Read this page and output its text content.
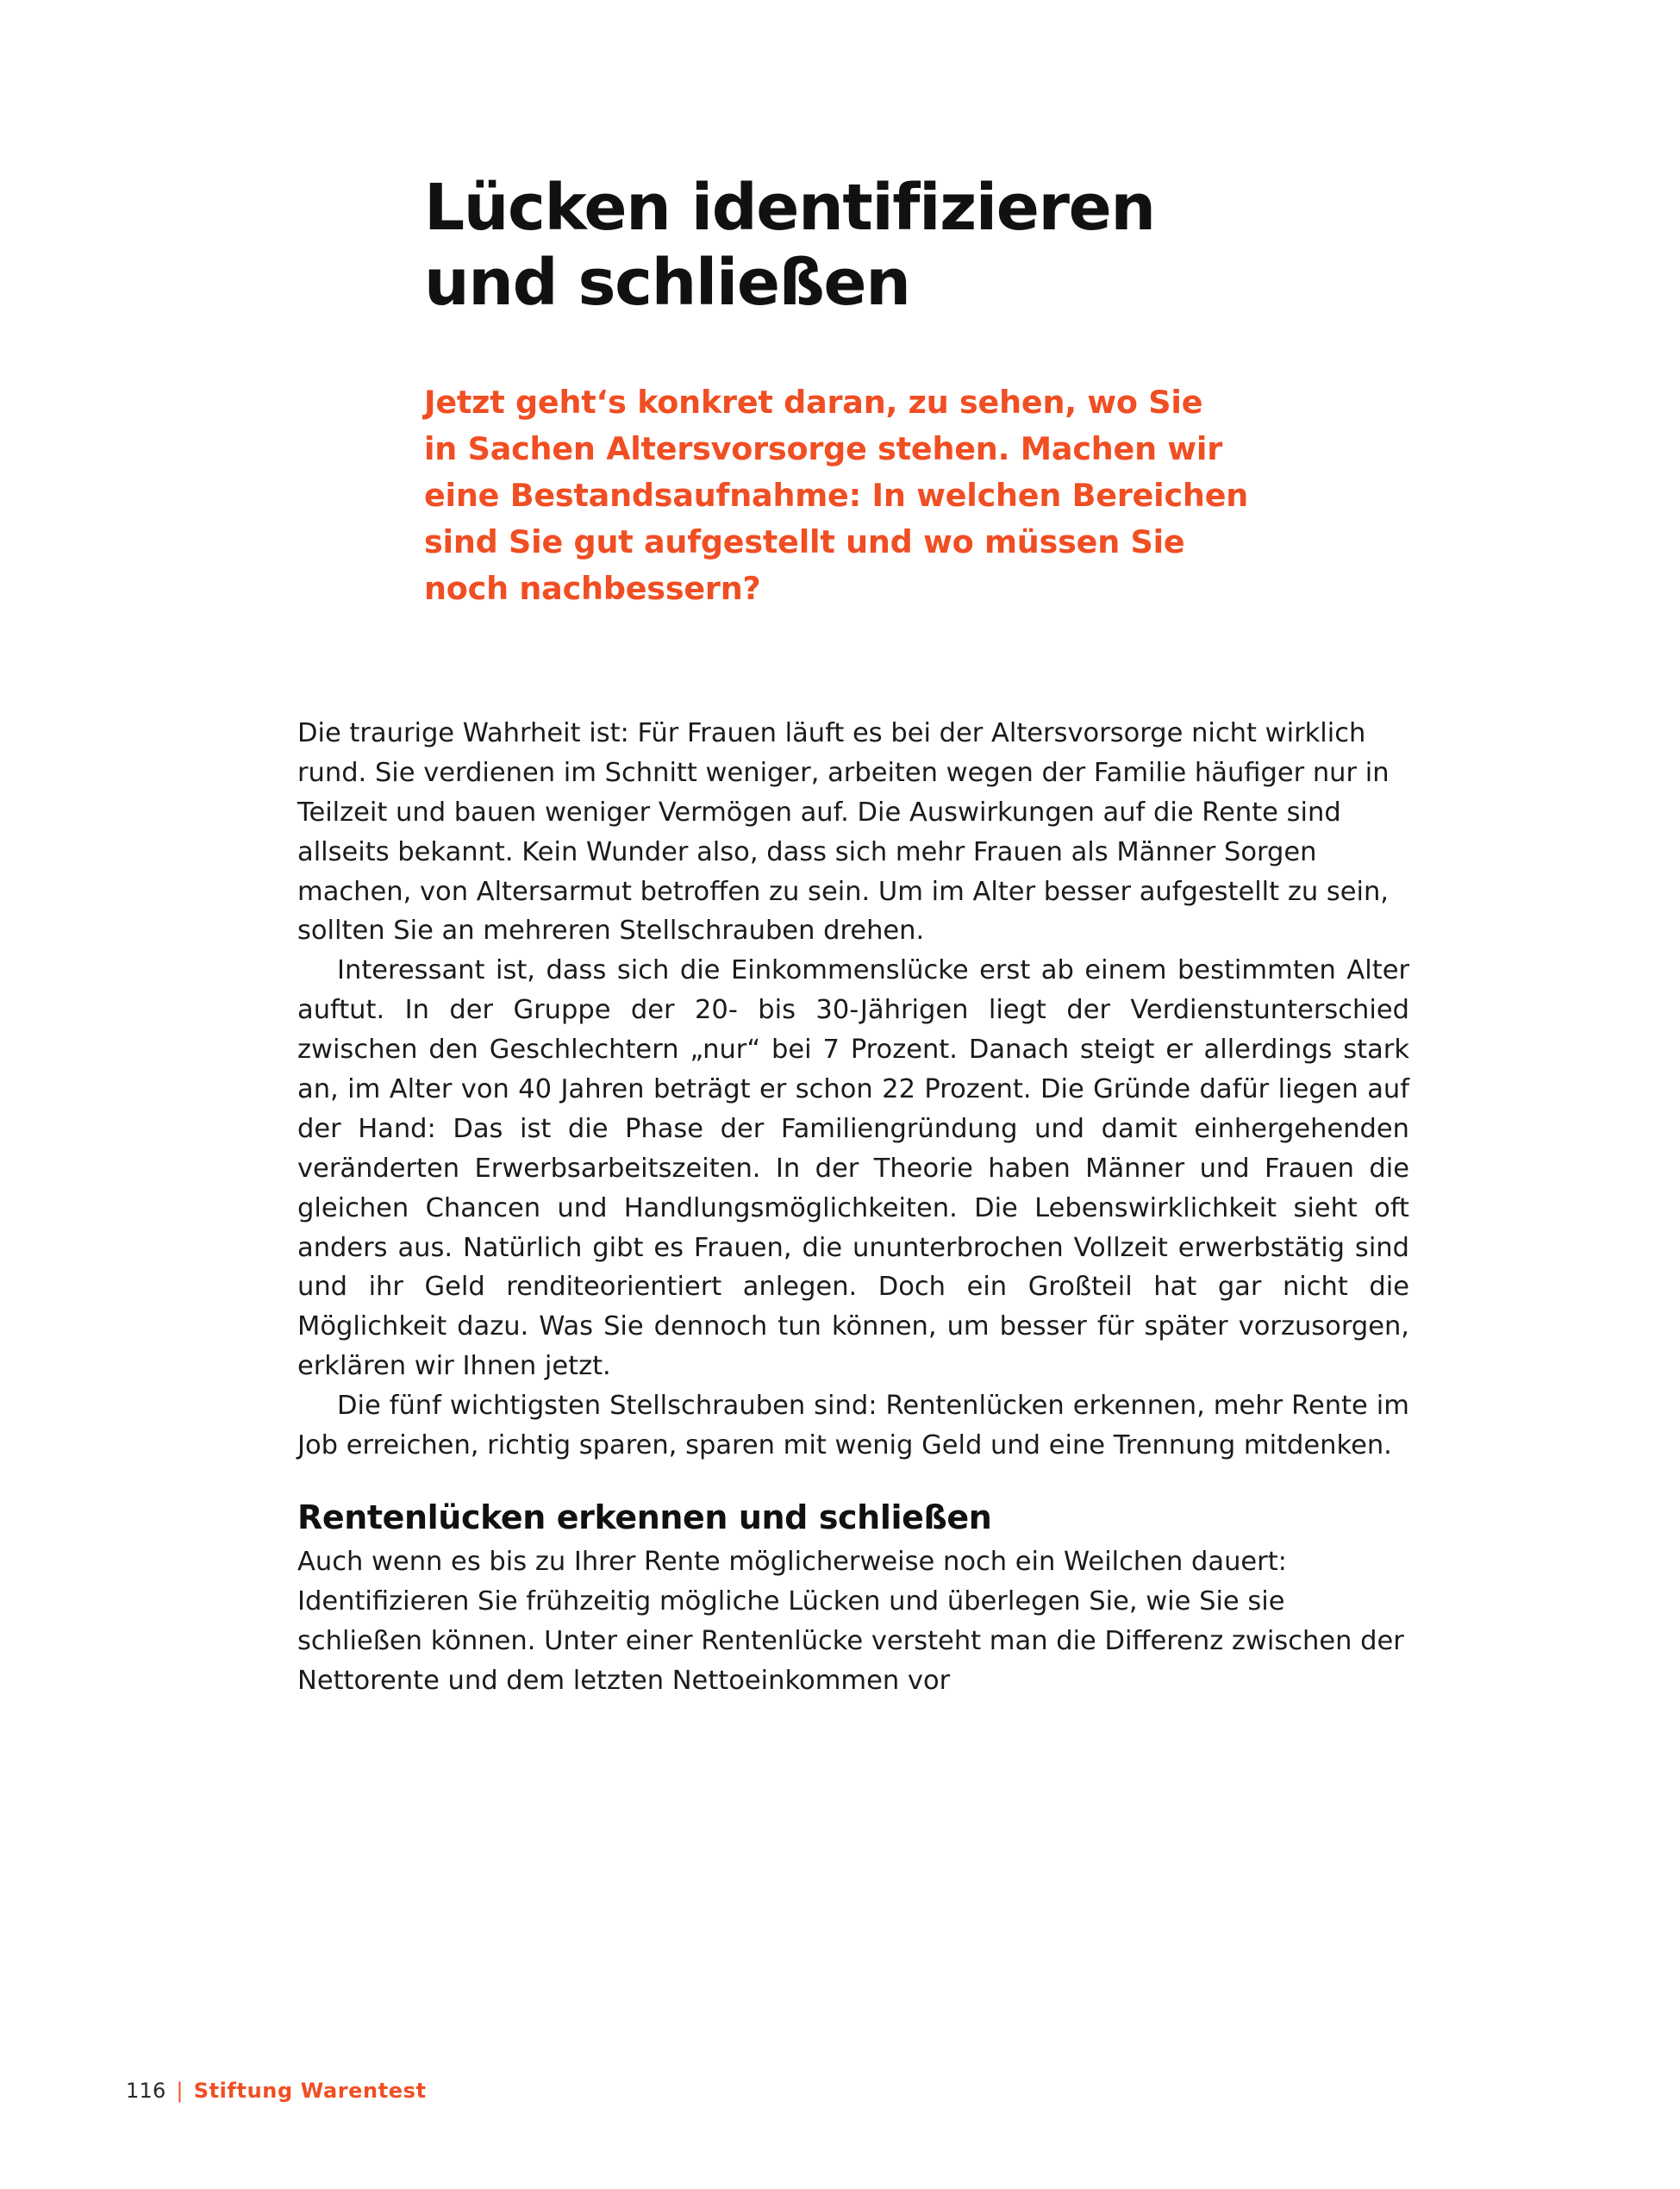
Lücken identifizieren
und schließen
Jetzt geht‘s konkret daran, zu sehen, wo Sie
in Sachen Altersvorsorge stehen. Machen wir
eine Bestandsaufnahme: In welchen Bereichen
sind Sie gut aufgestellt und wo müssen Sie
noch nachbessern?

Die traurige Wahrheit ist: Für Frauen läuft es bei der Altersvorsorge nicht wirklich rund. Sie verdienen im Schnitt weniger, arbeiten wegen der Familie häufiger nur in Teilzeit und bauen weniger Vermögen auf. Die Auswirkungen auf die Rente sind allseits bekannt. Kein Wunder also, dass sich mehr Frauen als Männer Sorgen machen, von Altersarmut betroffen zu sein. Um im Alter besser aufgestellt zu sein, sollten Sie an mehreren Stellschrauben drehen.

Interessant ist, dass sich die Einkommenslücke erst ab einem bestimmten Alter auftut. In der Gruppe der 20- bis 30-Jährigen liegt der Verdienstunterschied zwischen den Geschlechtern „nur“ bei 7 Prozent. Danach steigt er allerdings stark an, im Alter von 40 Jahren beträgt er schon 22 Prozent. Die Gründe dafür liegen auf der Hand: Das ist die Phase der Familiengründung und damit einhergehenden veränderten Erwerbsarbeitszeiten. In der Theorie haben Männer und Frauen die gleichen Chancen und Handlungsmöglichkeiten. Die Lebenswirklichkeit sieht oft anders aus. Natürlich gibt es Frauen, die ununterbrochen Vollzeit erwerbstätig sind und ihr Geld renditeorientiert anlegen. Doch ein Großteil hat gar nicht die Möglichkeit dazu. Was Sie dennoch tun können, um besser für später vorzusorgen, erklären wir Ihnen jetzt.

Die fünf wichtigsten Stellschrauben sind: Rentenlücken erkennen, mehr Rente im Job erreichen, richtig sparen, sparen mit wenig Geld und eine Trennung mitdenken.

Rentenlücken erkennen und schließen

Auch wenn es bis zu Ihrer Rente möglicherweise noch ein Weilchen dauert: Identifizieren Sie frühzeitig mögliche Lücken und überlegen Sie, wie Sie sie schließen können. Unter einer Rentenlücke versteht man die Differenz zwischen der Nettorente und dem letzten Nettoeinkommen vor

116 | Stiftung Warentest
